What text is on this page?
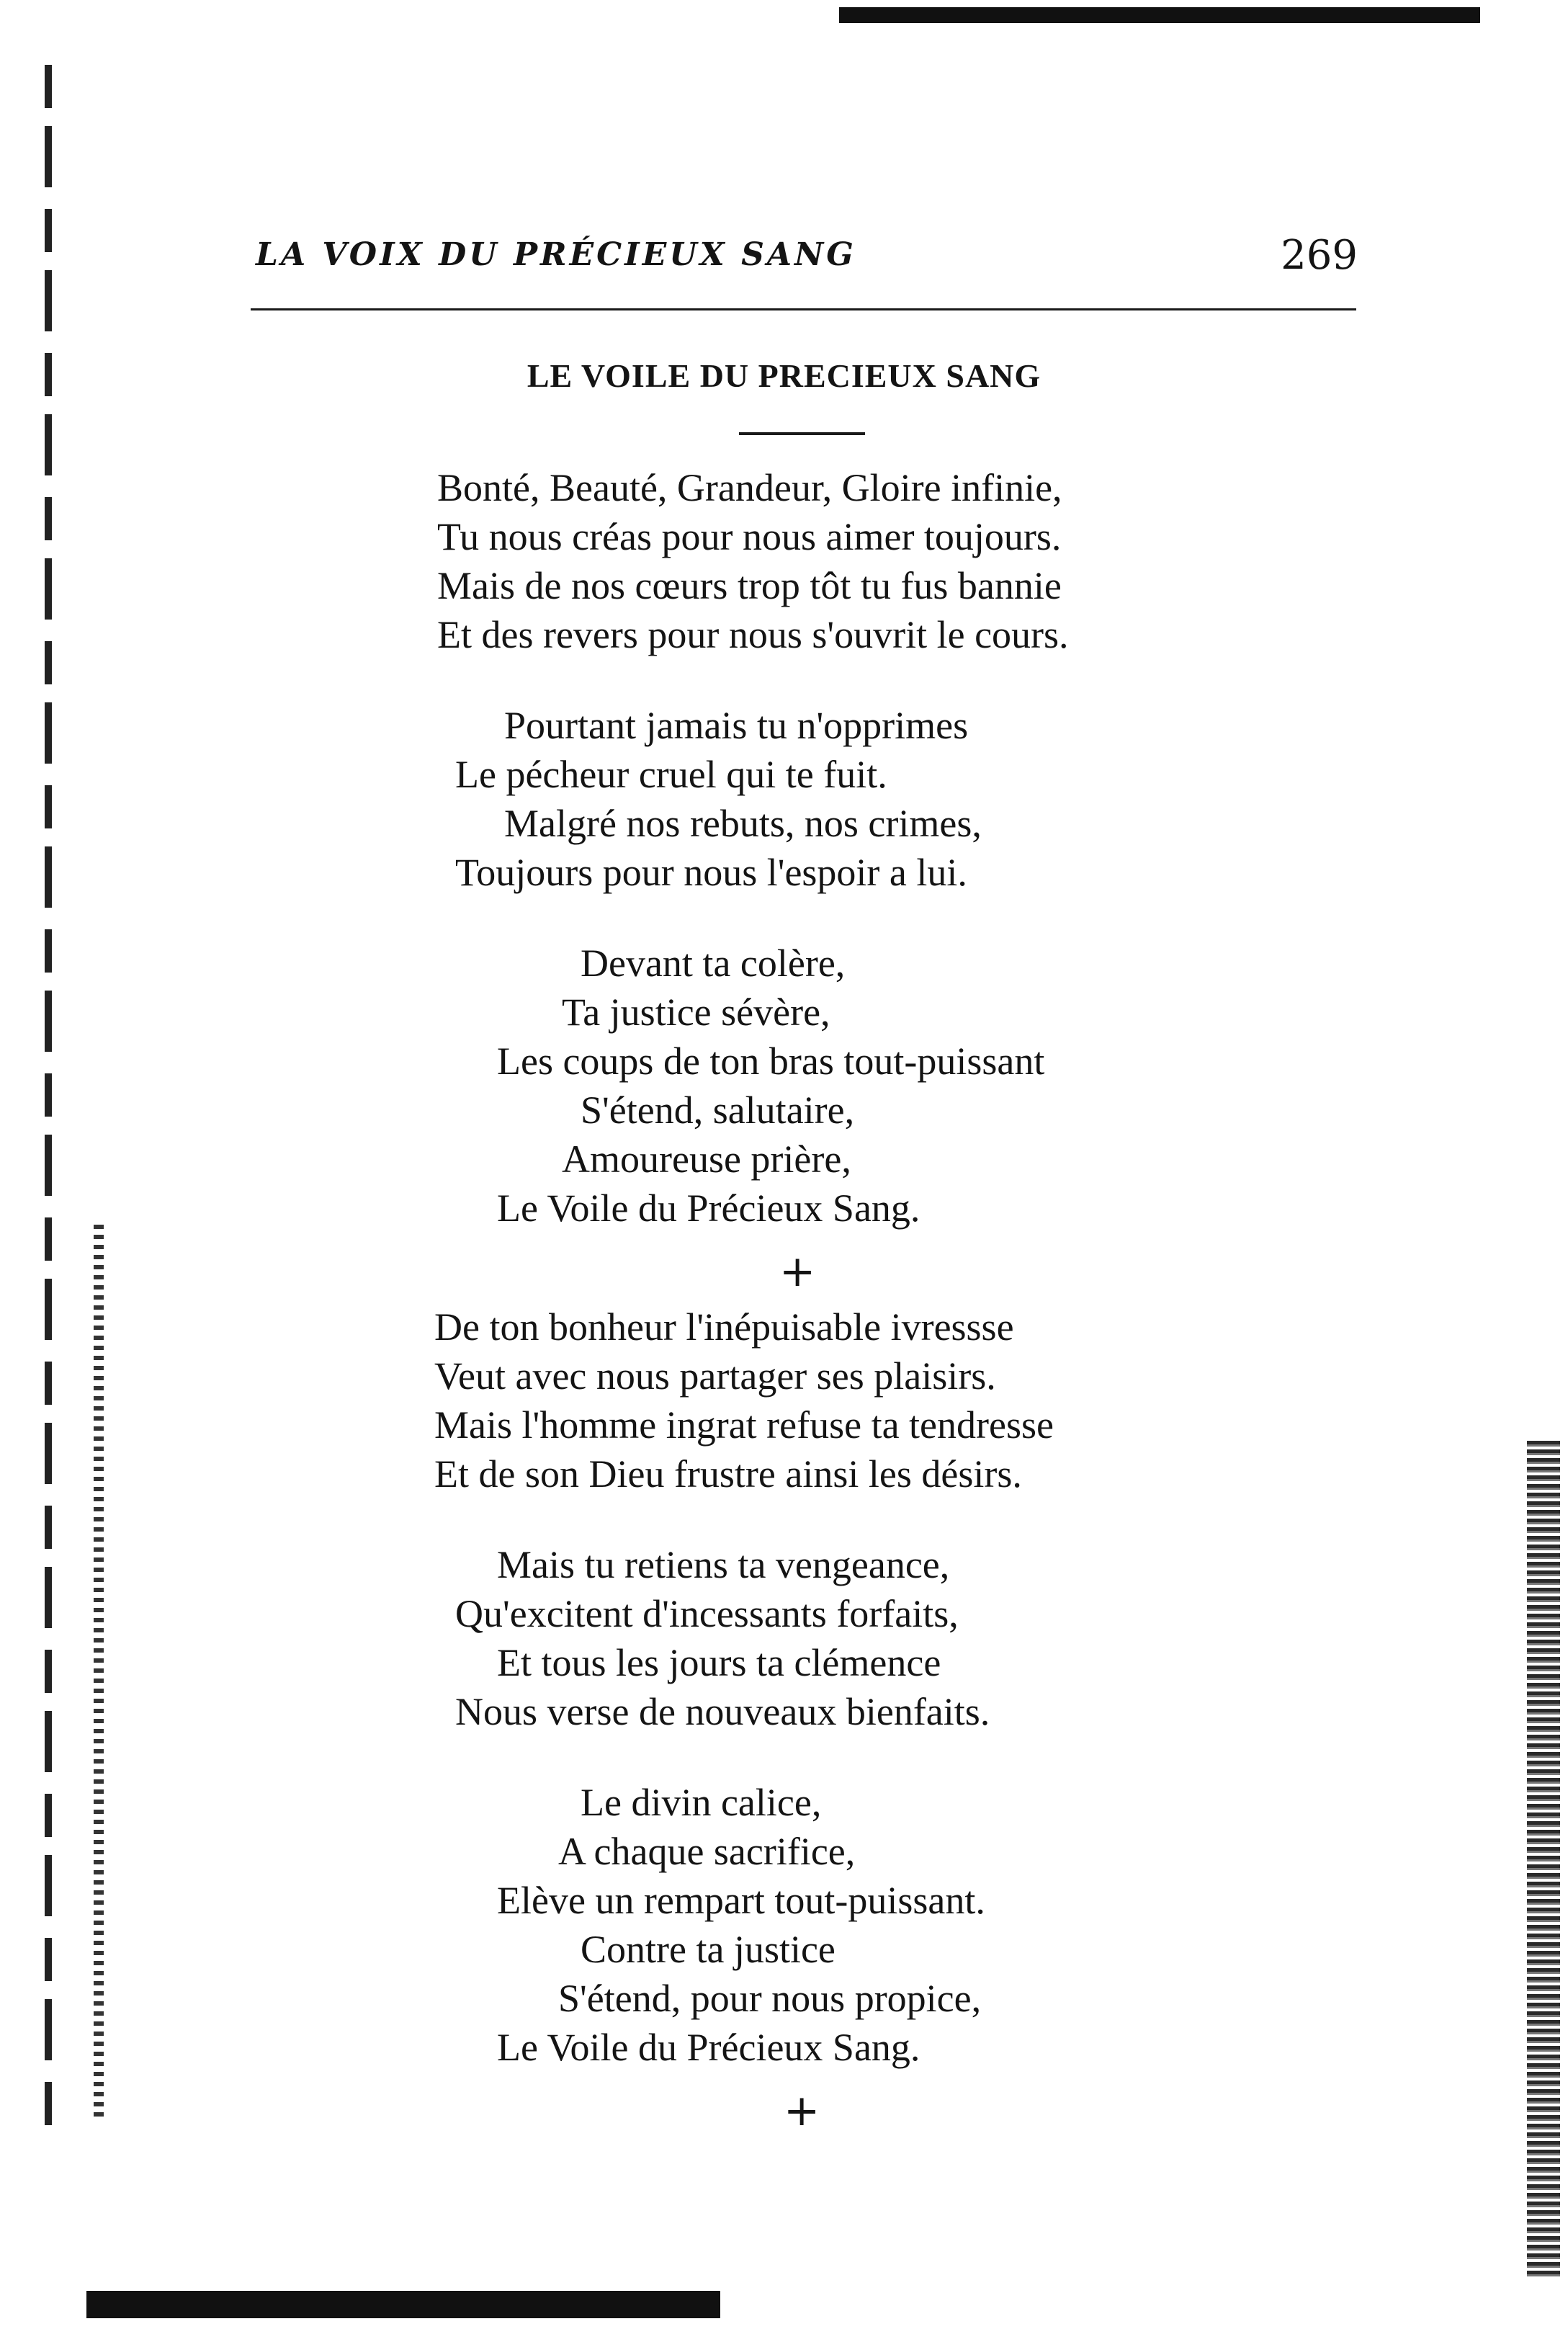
LA VOIX DU PRÉCIEUX SANG	269
LE VOILE DU PRECIEUX SANG
Bonté, Beauté, Grandeur, Gloire infinie,
Tu nous créas pour nous aimer toujours.
Mais de nos cœurs trop tôt tu fus bannie
Et des revers pour nous s'ouvrit le cours.
Pourtant jamais tu n'opprimes
Le pécheur cruel qui te fuit.
Malgré nos rebuts, nos crimes,
Toujours pour nous l'espoir a lui.
Devant ta colère,
Ta justice sévère,
Les coups de ton bras tout-puissant
S'étend, salutaire,
Amoureuse prière,
Le Voile du Précieux Sang.
+
De ton bonheur l'inépuisable ivressse
Veut avec nous partager ses plaisirs.
Mais l'homme ingrat refuse ta tendresse
Et de son Dieu frustre ainsi les désirs.
Mais tu retiens ta vengeance,
Qu'excitent d'incessants forfaits,
Et tous les jours ta clémence
Nous verse de nouveaux bienfaits.
Le divin calice,
A chaque sacrifice,
Elève un rempart tout-puissant.
Contre ta justice
S'étend, pour nous propice,
Le Voile du Précieux Sang.
+
